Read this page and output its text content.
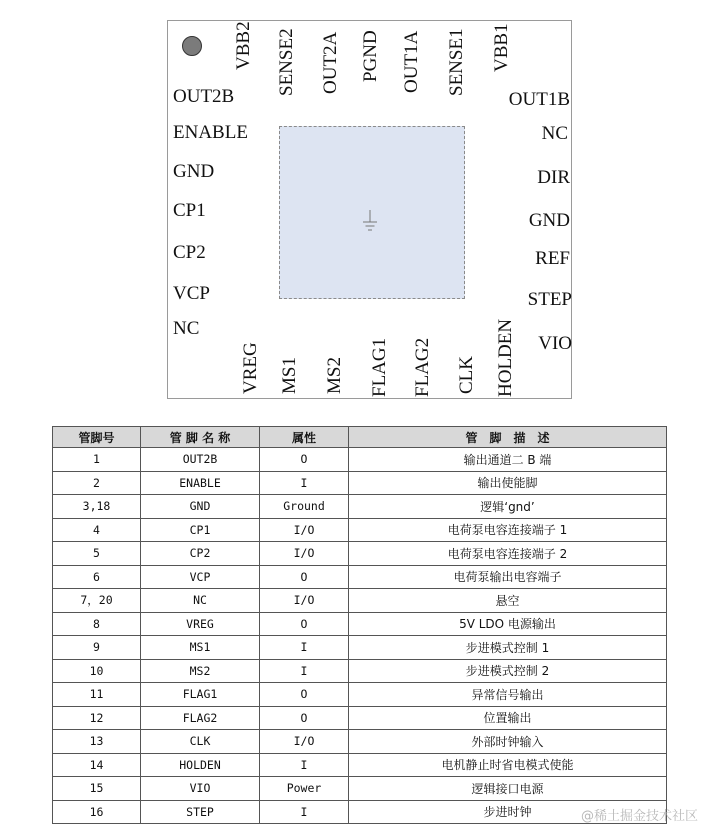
VBB2 SENSE2 OUT2A PGND OUT1A SENSE1 VBB1
OUT2B
ENABLE
GND
CP1
CP2
VCP
NC
OUT1B
NC
DIR
GND
REF
STEP
VIO
VREG MS1 MS2 FLAG1 FLAG2 CLK HOLDEN
管脚号	管 脚 名 称	属性	管　脚　描　述
1	OUT2B	O	输出通道二 B 端
2	ENABLE	I	输出使能脚
3,18	GND	Ground	逻辑‘gnd’
4	CP1	I/O	电荷泵电容连接端子 1
5	CP2	I/O	电荷泵电容连接端子 2
6	VCP	O	电荷泵输出电容端子
7，20	NC	I/O	悬空
8	VREG	O	5V LDO 电源输出
9	MS1	I	步进模式控制 1
10	MS2	I	步进模式控制 2
11	FLAG1	O	异常信号输出
12	FLAG2	O	位置输出
13	CLK	I/O	外部时钟输入
14	HOLDEN	I	电机静止时省电模式使能
15	VIO	Power	逻辑接口电源
16	STEP	I	步进时钟	@稀土掘金技术社区
